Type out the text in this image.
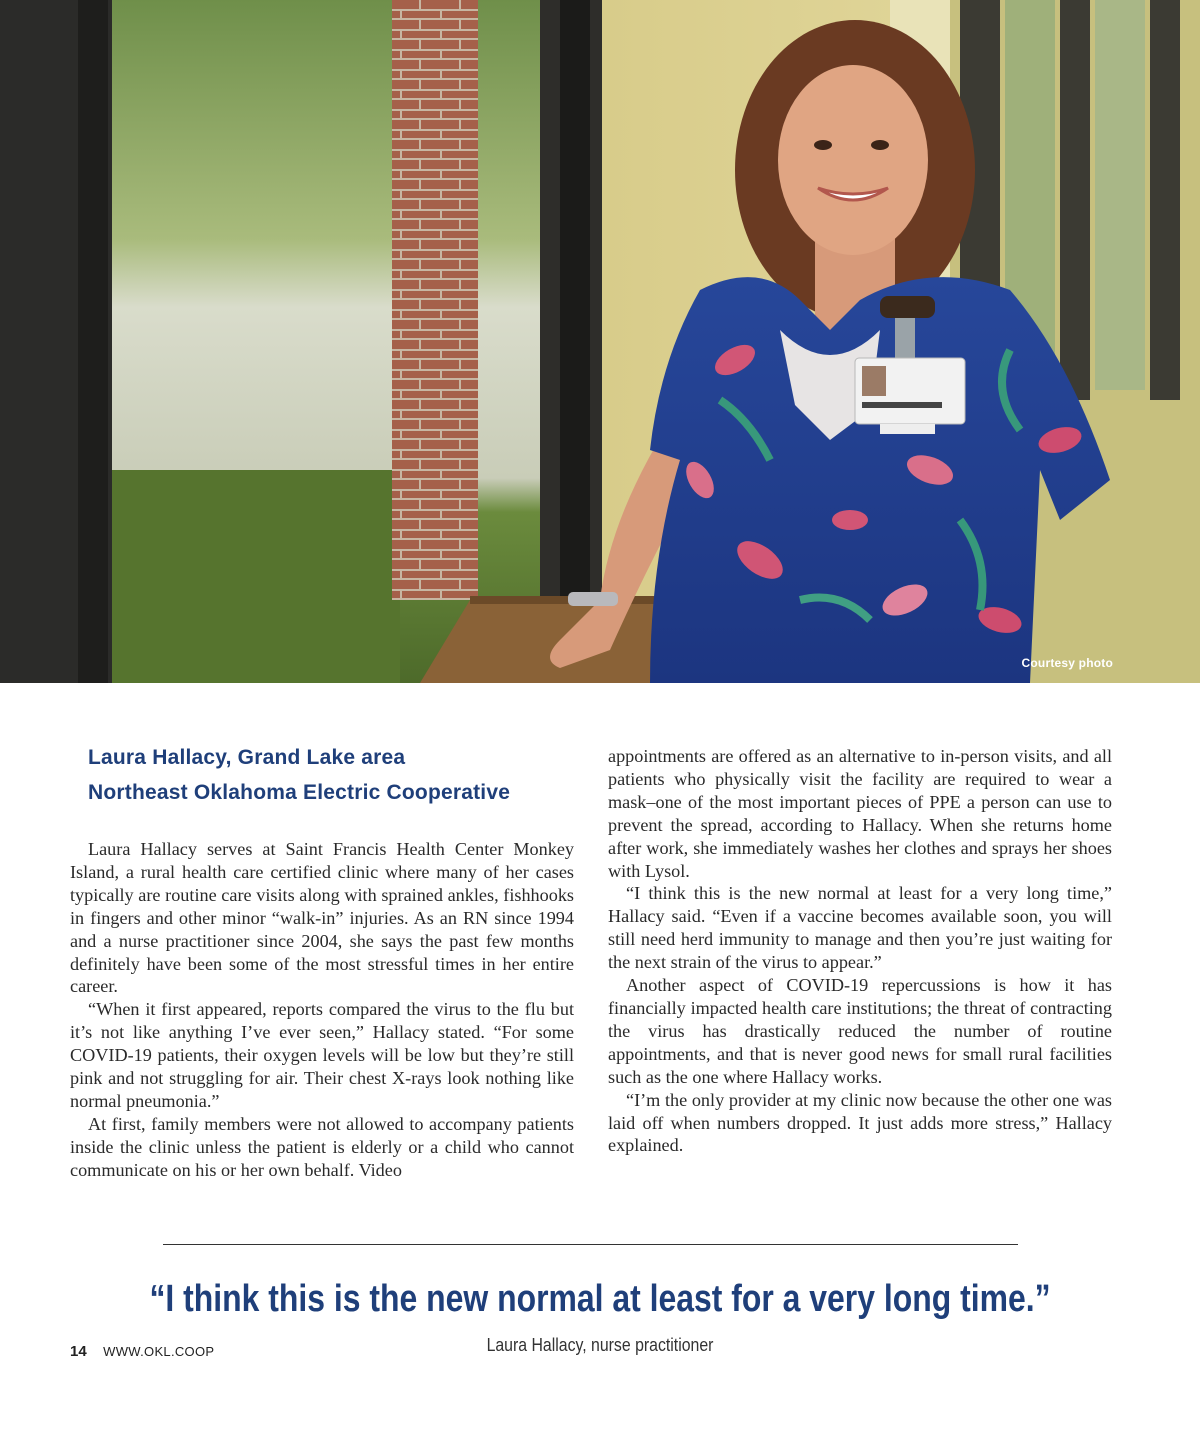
Courtesy photo
Laura Hallacy, Grand Lake area
Northeast Oklahoma Electric Cooperative

Laura Hallacy serves at Saint Francis Health Center Monkey Island, a rural health care certified clinic where many of her cases typically are routine care visits along with sprained ankles, fishhooks in fingers and other minor “walk-in” injuries. As an RN since 1994 and a nurse practitioner since 2004, she says the past few months definitely have been some of the most stressful times in her entire career.

“When it first appeared, reports compared the virus to the flu but it’s not like anything I’ve ever seen,” Hallacy stated. “For some COVID-19 patients, their oxygen levels will be low but they’re still pink and not struggling for air. Their chest X-rays look nothing like normal pneumonia.”

At first, family members were not allowed to accompany patients inside the clinic unless the patient is elderly or a child who cannot communicate on his or her own behalf. Video

appointments are offered as an alternative to in-person visits, and all patients who physically visit the facility are required to wear a mask–one of the most important pieces of PPE a person can use to prevent the spread, according to Hallacy. When she returns home after work, she immediately washes her clothes and sprays her shoes with Lysol.

“I think this is the new normal at least for a very long time,” Hallacy said. “Even if a vaccine becomes available soon, you will still need herd immunity to manage and then you’re just waiting for the next strain of the virus to appear.”

Another aspect of COVID-19 repercussions is how it has financially impacted health care institutions; the threat of contracting the virus has drastically reduced the number of routine appointments, and that is never good news for small rural facilities such as the one where Hallacy works.

“I’m the only provider at my clinic now because the other one was laid off when numbers dropped. It just adds more stress,” Hallacy explained.

“I think this is the new normal at least for a very long time.”
Laura Hallacy, nurse practitioner
14 WWW.OKL.COOP
